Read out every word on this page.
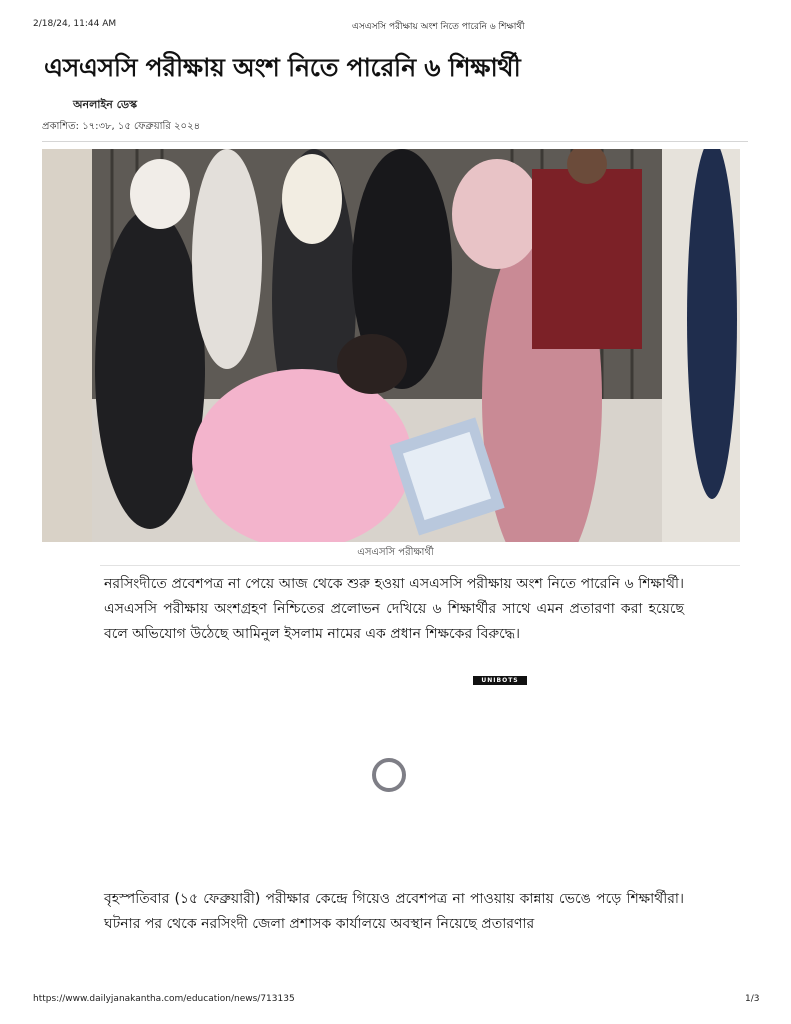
2/18/24, 11:44 AM	এসএসসি পরীক্ষায় অংশ নিতে পারেনি ৬ শিক্ষার্থী
এসএসসি পরীক্ষায় অংশ নিতে পারেনি ৬ শিক্ষার্থী
অনলাইন ডেস্ক
প্রকাশিত: ১৭:৩৮, ১৫ ফেব্রুয়ারি ২০২৪
এসএসসি পরীক্ষার্থী
নরসিংদীতে প্রবেশপত্র না পেয়ে আজ থেকে শুরু হওয়া এসএসসি পরীক্ষায় অংশ নিতে পারেনি ৬ শিক্ষার্থী। এসএসসি পরীক্ষায় অংশগ্রহণ নিশ্চিতের প্রলোভন দেখিয়ে ৬ শিক্ষার্থীর সাথে এমন প্রতারণা করা হয়েছে বলে অভিযোগ উঠেছে আমিনুল ইসলাম নামের এক প্রধান শিক্ষকের বিরুদ্ধে।
UNIBOTS
বৃহস্পতিবার (১৫ ফেব্রুয়ারী) পরীক্ষার কেন্দ্রে গিয়েও প্রবেশপত্র না পাওয়ায় কান্নায় ভেঙে পড়ে শিক্ষার্থীরা। ঘটনার পর থেকে নরসিংদী জেলা প্রশাসক কার্যালয়ে অবস্থান নিয়েছে প্রতারণার
https://www.dailyjanakantha.com/education/news/713135	1/3
